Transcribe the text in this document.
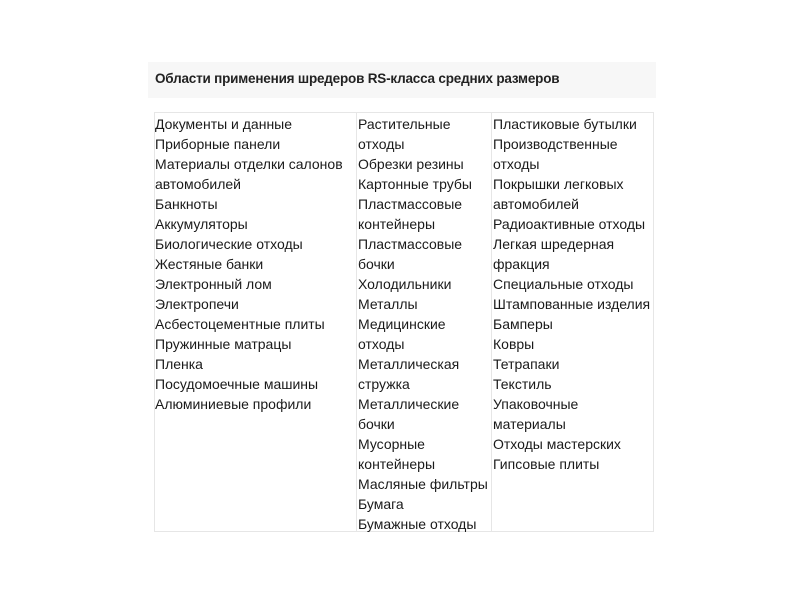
Области применения шредеров RS-класса средних размеров
Документы и данные
Приборные панели
Материалы отделки салонов
автомобилей
Банкноты
Аккумуляторы
Биологические отходы
Жестяные банки
Электронный лом
Электропечи
Асбестоцементные плиты
Пружинные матрацы
Пленка
Посудомоечные машины
Алюминиевые профили
Растительные
отходы
Обрезки резины
Картонные трубы
Пластмассовые
контейнеры
Пластмассовые
бочки
Холодильники
Металлы
Медицинские
отходы
Металлическая
стружка
Металлические
бочки
Мусорные
контейнеры
Масляные фильтры
Бумага
Бумажные отходы
Пластиковые бутылки
Производственные
отходы
Покрышки легковых
автомобилей
Радиоактивные отходы
Легкая шредерная
фракция
Специальные отходы
Штампованные изделия
Бамперы
Ковры
Тетрапаки
Текстиль
Упаковочные
материалы
Отходы мастерских
Гипсовые плиты
